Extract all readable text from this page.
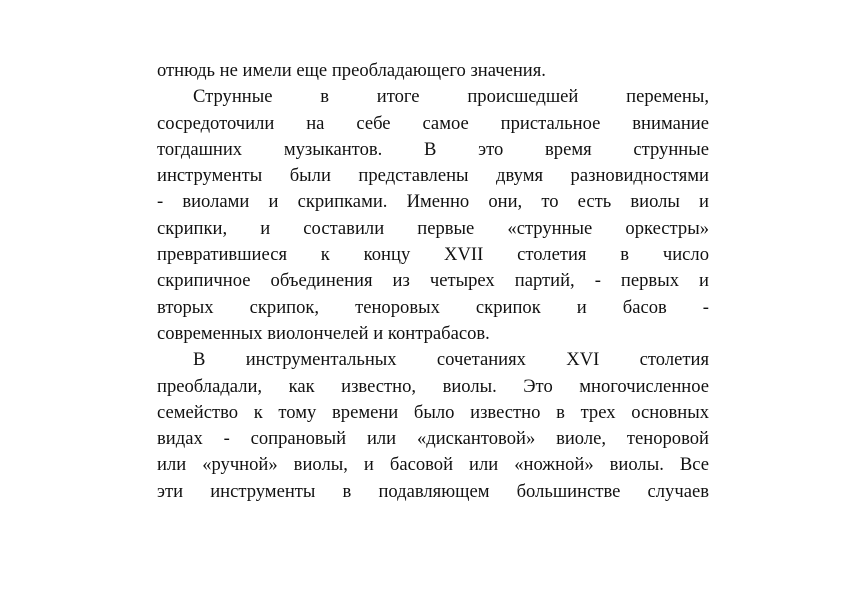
отнюдь не имели еще преобладающего значения.
Струнные в итоге происшедшей перемены,
сосредоточили на себе самое пристальное внимание
тогдашних музыкантов. В это время струнные
инструменты были представлены двумя разновидностями
- виолами и скрипками. Именно они, то есть виолы и
скрипки, и составили первые «струнные оркестры»
превратившиеся к концу XVII столетия в число
скрипичное объединения из четырех партий, - первых и
вторых скрипок, теноровых скрипок и басов -
современных виолончелей и контрабасов.
В инструментальных сочетаниях XVI столетия
преобладали, как известно, виолы. Это многочисленное
семейство к тому времени было известно в трех основных
видах - сопрановый или «дискантовой» виоле, теноровой
или «ручной» виолы, и басовой или «ножной» виолы. Все
эти инструменты в подавляющем большинстве случаев
